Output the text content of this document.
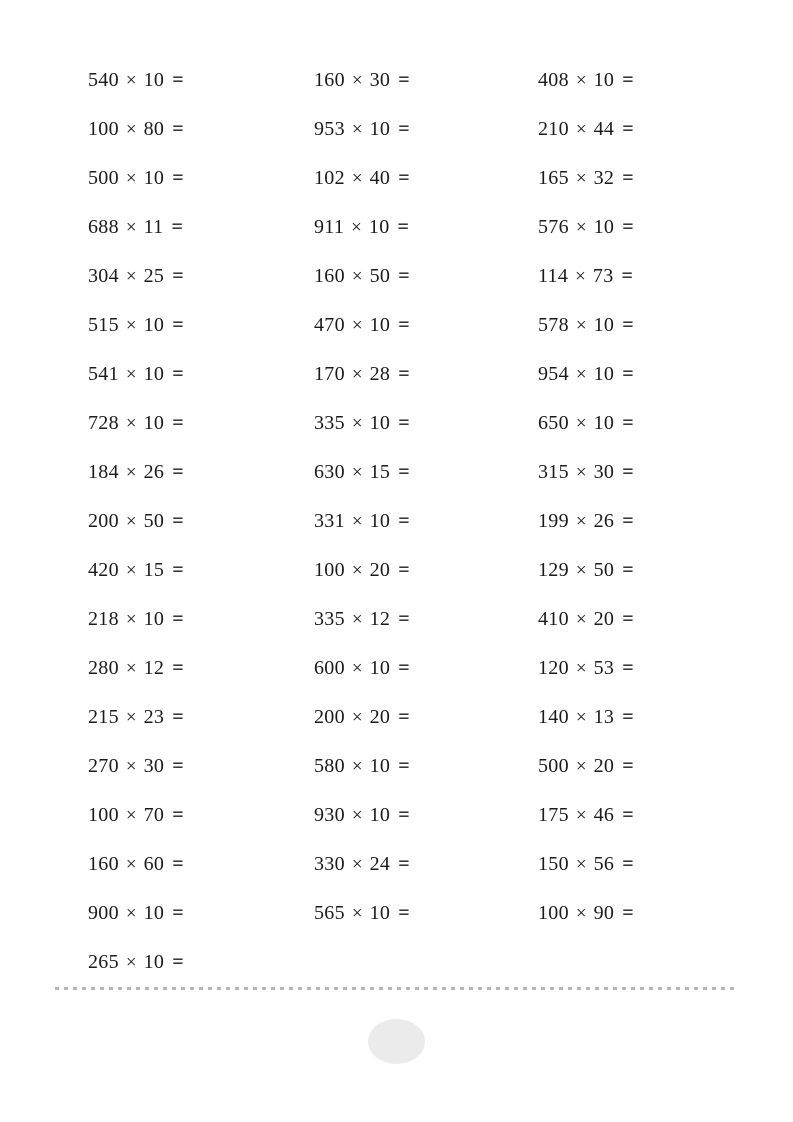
540 × 10 =	160 × 30 =	408 × 10 =
100 × 80 =	953 × 10 =	210 × 44 =
500 × 10 =	102 × 40 =	165 × 32 =
688 × 11 =	911 × 10 =	576 × 10 =
304 × 25 =	160 × 50 =	114 × 73 =
515 × 10 =	470 × 10 =	578 × 10 =
541 × 10 =	170 × 28 =	954 × 10 =
728 × 10 =	335 × 10 =	650 × 10 =
184 × 26 =	630 × 15 =	315 × 30 =
200 × 50 =	331 × 10 =	199 × 26 =
420 × 15 =	100 × 20 =	129 × 50 =
218 × 10 =	335 × 12 =	410 × 20 =
280 × 12 =	600 × 10 =	120 × 53 =
215 × 23 =	200 × 20 =	140 × 13 =
270 × 30 =	580 × 10 =	500 × 20 =
100 × 70 =	930 × 10 =	175 × 46 =
160 × 60 =	330 × 24 =	150 × 56 =
900 × 10 =	565 × 10 =	100 × 90 =
265 × 10 =
